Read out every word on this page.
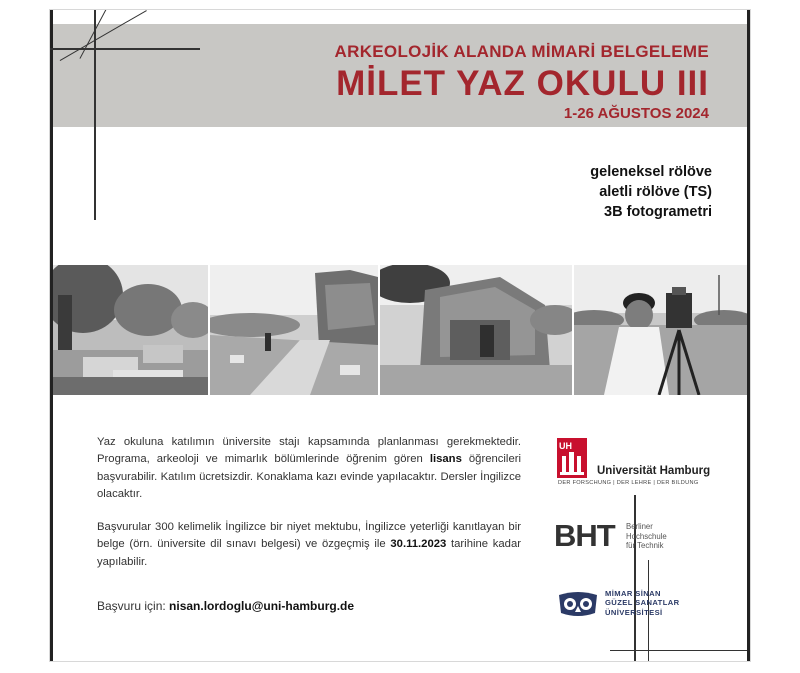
ARKEOLOJİK ALANDA MİMARİ BELGELEME
MİLET YAZ OKULU III
1-26 AĞUSTOS 2024
geleneksel rölöve
aletli rölöve (TS)
3B fotogrametri

Yaz okuluna katılımın üniversite stajı kapsamında planlanması gerekmektedir. Programa, arkeoloji ve mimarlık bölümlerinde öğrenim gören lisans öğrencileri başvurabilir. Katılım ücretsizdir. Konaklama kazı evinde yapılacaktır. Dersler İngilizce olacaktır.

Başvurular 300 kelimelik İngilizce bir niyet mektubu, İngilizce yeterliği kanıtlayan bir belge (örn. üniversite dil sınavı belgesi) ve özgeçmiş ile 30.11.2023 tarihine kadar yapılabilir.

Başvuru için: nisan.lordoglu@uni-hamburg.de
UH
Universität Hamburg
DER FORSCHUNG | DER LEHRE | DER BILDUNG
BHT Berliner
Hochschule
für Technik
MİMAR SİNAN
GÜZEL SANATLAR
ÜNİVERSİTESİ
